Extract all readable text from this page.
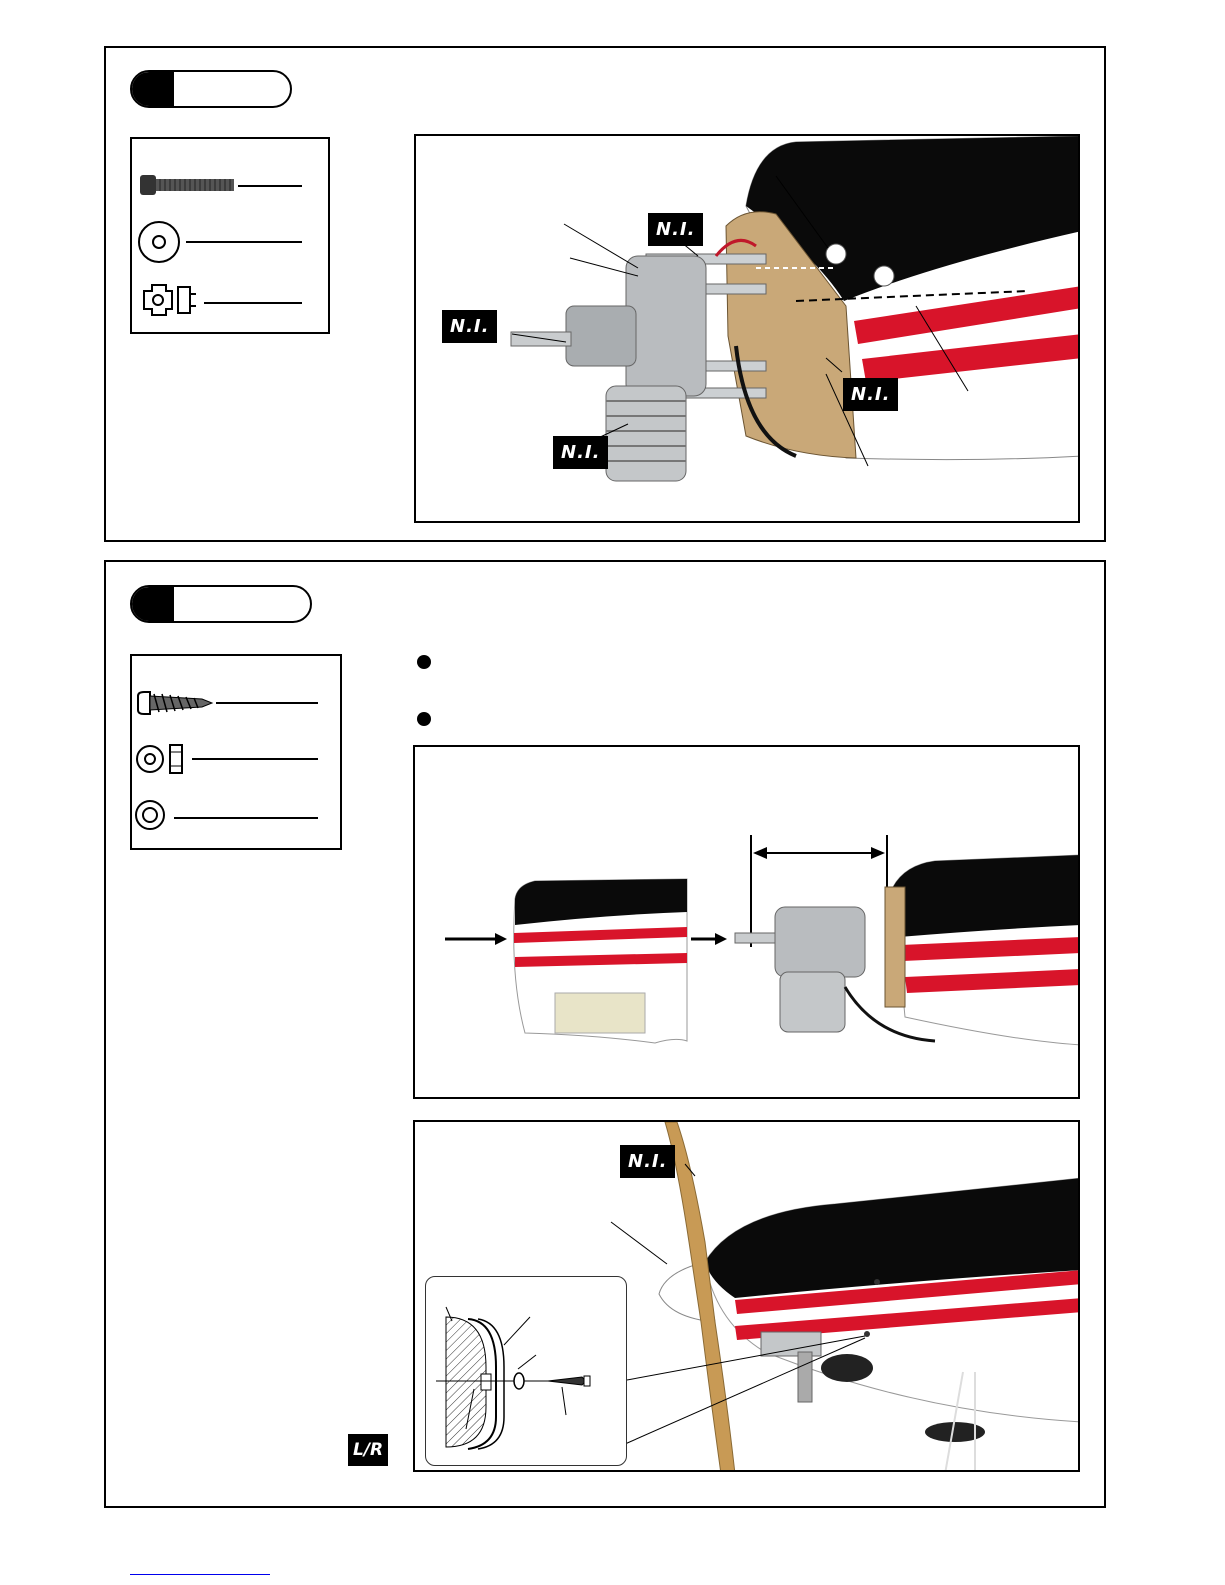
N.I.
N.I.
N.I.
N.I.
N.I.
L/R
